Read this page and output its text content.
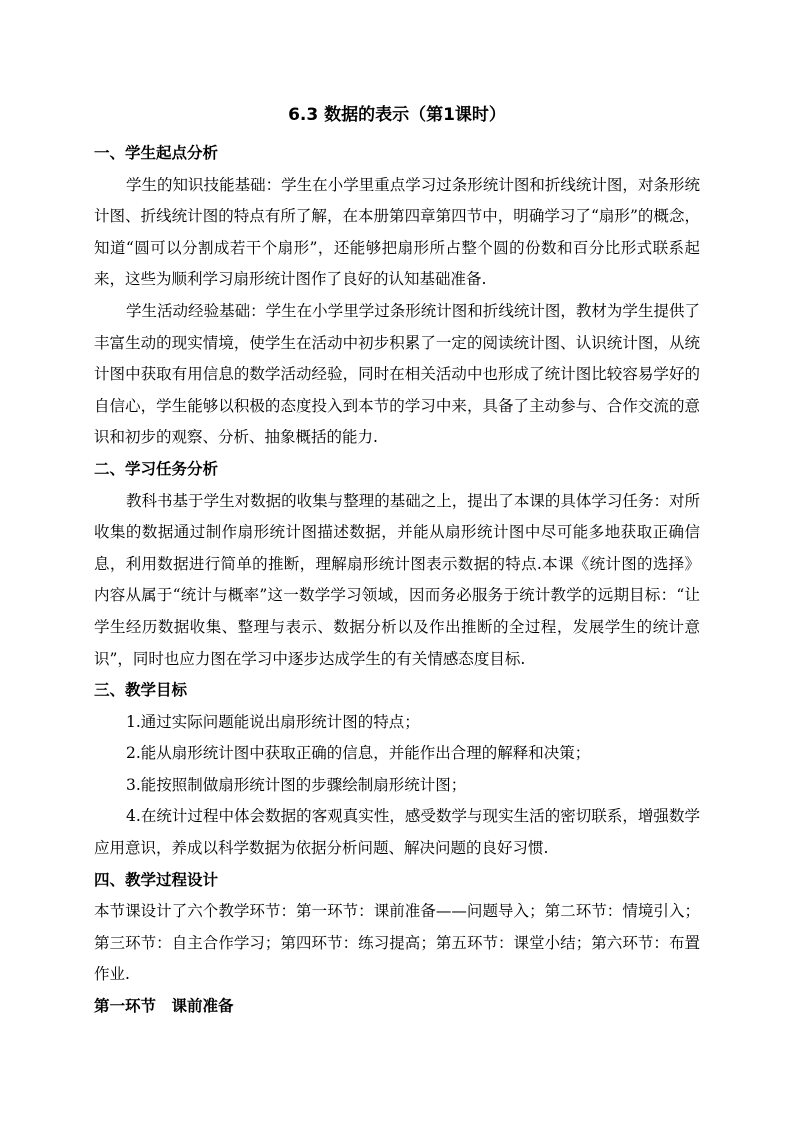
6.3 数据的表示（第1课时）

一、学生起点分析

学生的知识技能基础：学生在小学里重点学习过条形统计图和折线统计图，对条形统计图、折线统计图的特点有所了解，在本册第四章第四节中，明确学习了“扇形”的概念，知道“圆可以分割成若干个扇形”，还能够把扇形所占整个圆的份数和百分比形式联系起来，这些为顺利学习扇形统计图作了良好的认知基础准备.

学生活动经验基础：学生在小学里学过条形统计图和折线统计图，教材为学生提供了丰富生动的现实情境，使学生在活动中初步积累了一定的阅读统计图、认识统计图，从统计图中获取有用信息的数学活动经验，同时在相关活动中也形成了统计图比较容易学好的自信心，学生能够以积极的态度投入到本节的学习中来，具备了主动参与、合作交流的意识和初步的观察、分析、抽象概括的能力.

二、学习任务分析

教科书基于学生对数据的收集与整理的基础之上，提出了本课的具体学习任务：对所收集的数据通过制作扇形统计图描述数据，并能从扇形统计图中尽可能多地获取正确信息，利用数据进行简单的推断，理解扇形统计图表示数据的特点.本课《统计图的选择》内容从属于“统计与概率”这一数学学习领域，因而务必服务于统计教学的远期目标：“让学生经历数据收集、整理与表示、数据分析以及作出推断的全过程，发展学生的统计意识”，同时也应力图在学习中逐步达成学生的有关情感态度目标.

三、教学目标

1.通过实际问题能说出扇形统计图的特点；

2.能从扇形统计图中获取正确的信息，并能作出合理的解释和决策；

3.能按照制做扇形统计图的步骤绘制扇形统计图；

4.在统计过程中体会数据的客观真实性，感受数学与现实生活的密切联系，增强数学应用意识，养成以科学数据为依据分析问题、解决问题的良好习惯.

四、教学过程设计

本节课设计了六个教学环节：第一环节：课前准备——问题导入；第二环节：情境引入；第三环节：自主合作学习；第四环节：练习提高；第五环节：课堂小结；第六环节：布置作业.

第一环节　课前准备
